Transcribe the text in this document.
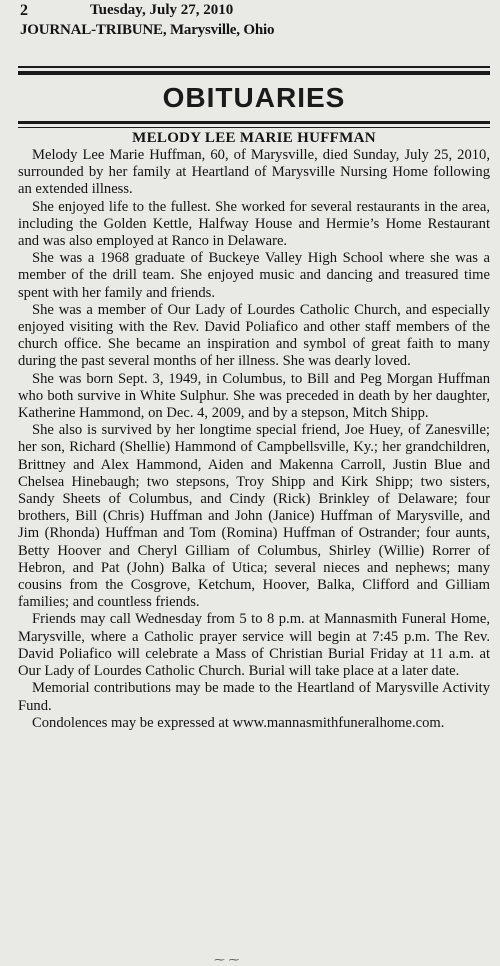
2	Tuesday, July 27, 2010
JOURNAL-TRIBUNE, Marysville, Ohio
OBITUARIES
MELODY LEE MARIE HUFFMAN

Melody Lee Marie Huffman, 60, of Marysville, died Sunday, July 25, 2010, surrounded by her family at Heartland of Marysville Nursing Home following an extended illness.

She enjoyed life to the fullest. She worked for several restaurants in the area, including the Golden Kettle, Halfway House and Hermie’s Home Restaurant and was also employed at Ranco in Delaware.

She was a 1968 graduate of Buckeye Valley High School where she was a member of the drill team. She enjoyed music and dancing and treasured time spent with her family and friends.

She was a member of Our Lady of Lourdes Catholic Church, and especially enjoyed visiting with the Rev. David Poliafico and other staff members of the church office. She became an inspiration and symbol of great faith to many during the past several months of her illness. She was dearly loved.

She was born Sept. 3, 1949, in Columbus, to Bill and Peg Morgan Huffman who both survive in White Sulphur. She was preceded in death by her daughter, Katherine Hammond, on Dec. 4, 2009, and by a stepson, Mitch Shipp.

She also is survived by her longtime special friend, Joe Huey, of Zanesville; her son, Richard (Shellie) Hammond of Campbellsville, Ky.; her grandchildren, Brittney and Alex Hammond, Aiden and Makenna Carroll, Justin Blue and Chelsea Hinebaugh; two stepsons, Troy Shipp and Kirk Shipp; two sisters, Sandy Sheets of Columbus, and Cindy (Rick) Brinkley of Delaware; four brothers, Bill (Chris) Huffman and John (Janice) Huffman of Marysville, and Jim (Rhonda) Huffman and Tom (Romina) Huffman of Ostrander; four aunts, Betty Hoover and Cheryl Gilliam of Columbus, Shirley (Willie) Rorrer of Hebron, and Pat (John) Balka of Utica; several nieces and nephews; many cousins from the Cosgrove, Ketchum, Hoover, Balka, Clifford and Gilliam families; and countless friends.

Friends may call Wednesday from 5 to 8 p.m. at Mannasmith Funeral Home, Marysville, where a Catholic prayer service will begin at 7:45 p.m. The Rev. David Poliafico will celebrate a Mass of Christian Burial Friday at 11 a.m. at Our Lady of Lourdes Catholic Church. Burial will take place at a later date.

Memorial contributions may be made to the Heartland of Marysville Activity Fund.

Condolences may be expressed at www.mannasmithfuneralhome.com.

⁓ ⁓
